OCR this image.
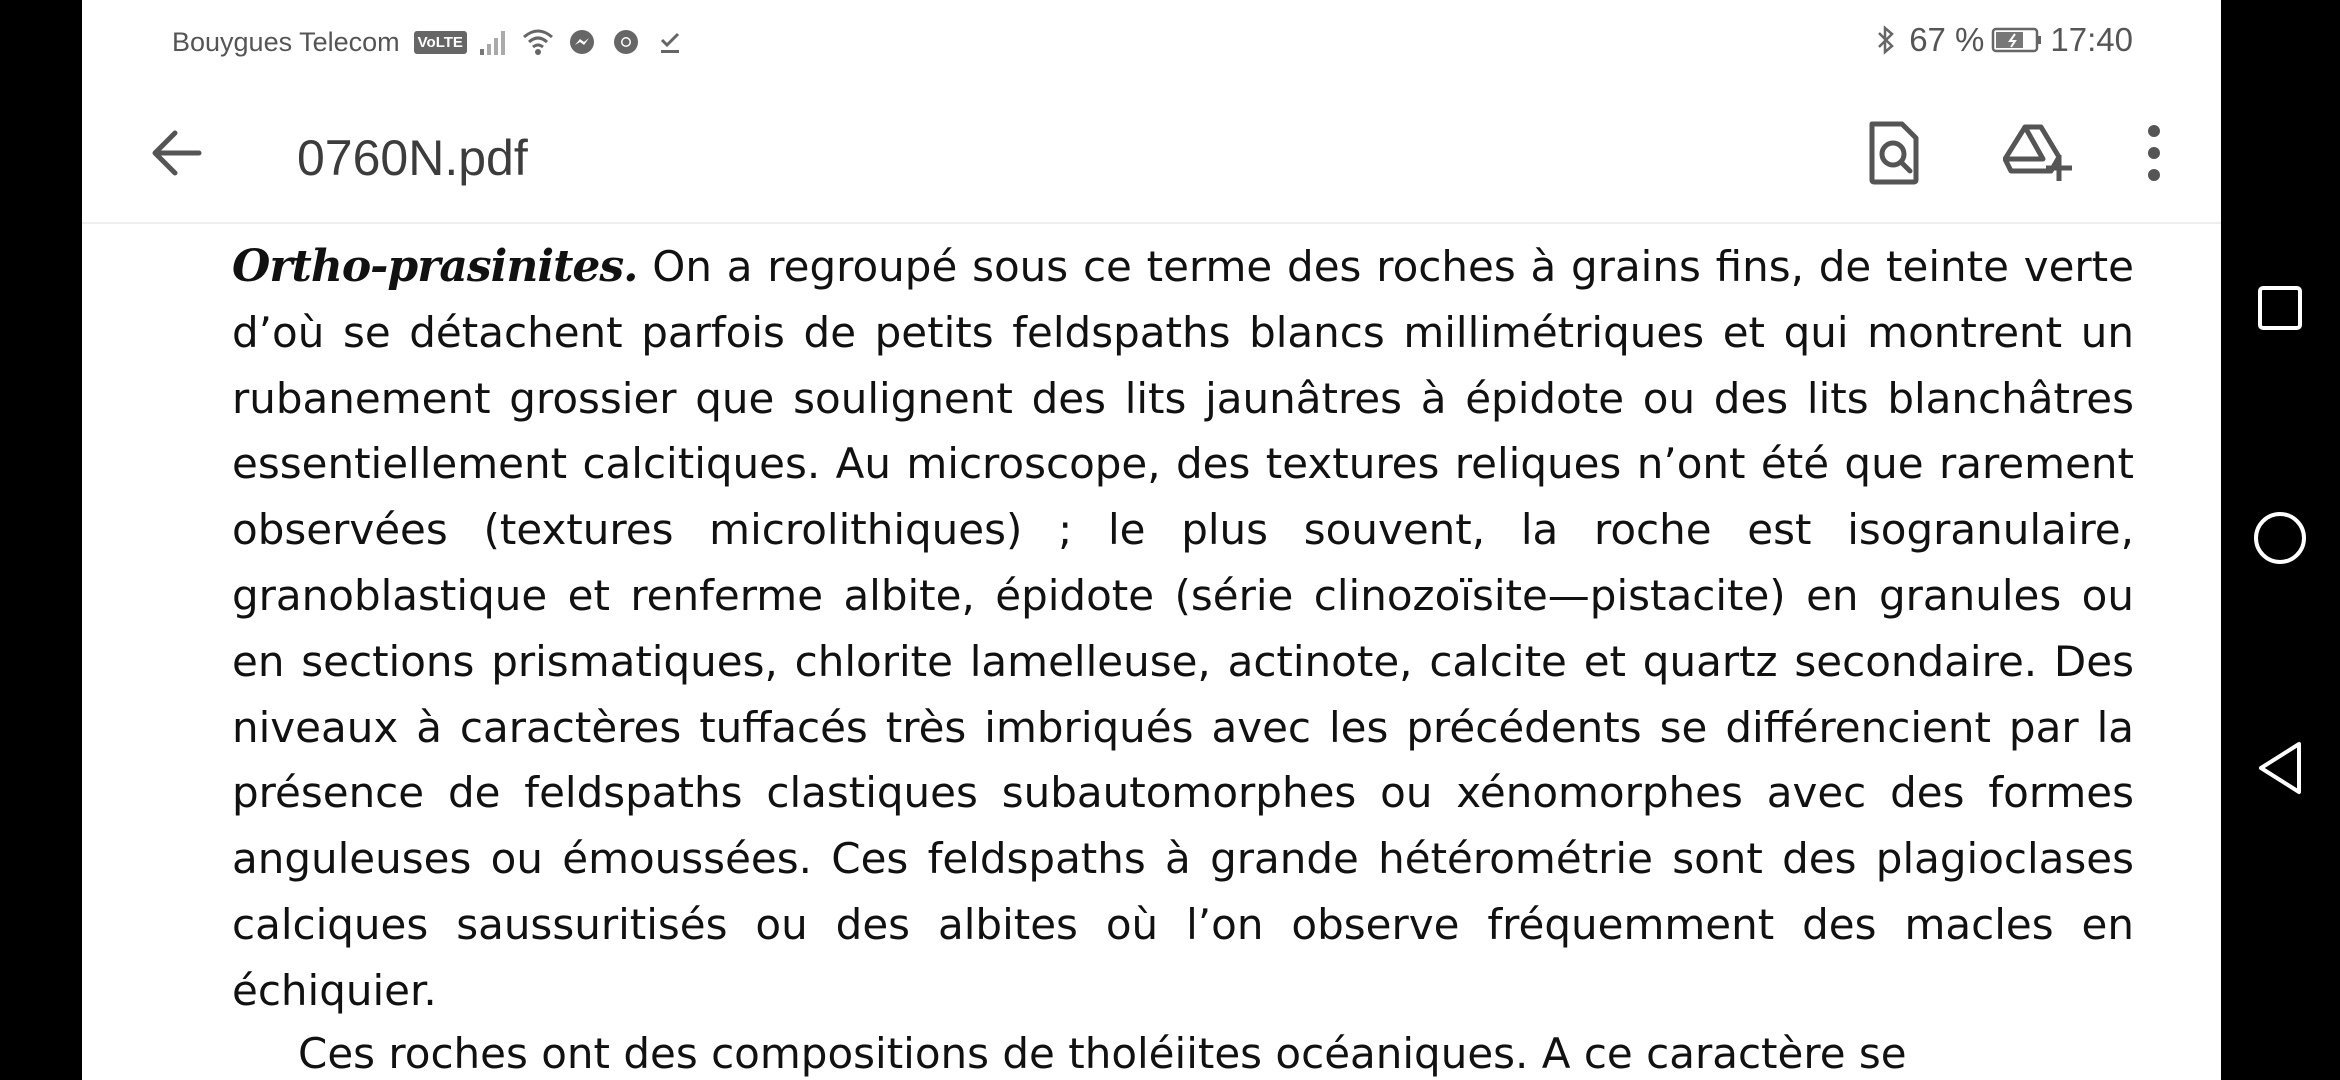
Bouygues Telecom VoLTE	67 % 17:40
0760N.pdf

Ortho-prasinites. On a regroupé sous ce terme des roches à grains fins, de teinte verte d’où se détachent parfois de petits feldspaths blancs millimétriques et qui montrent un rubanement grossier que soulignent des lits jaunâtres à épidote ou des lits blanchâtres essentiellement calcitiques. Au microscope, des textures reliques n’ont été que rarement observées (textures microlithiques) ; le plus souvent, la roche est isogranulaire, granoblastique et renferme albite, épidote (série clinozoïsite—pistacite) en granules ou en sections prismatiques, chlorite lamelleuse, actinote, calcite et quartz secondaire. Des niveaux à caractères tuffacés très imbriqués avec les précédents se différencient par la présence de feldspaths clastiques subautomorphes ou xénomorphes avec des formes anguleuses ou émoussées. Ces feldspaths à grande hétérométrie sont des plagioclases calciques saussuritisés ou des albites où l’on observe fréquemment des macles en échiquier.

Ces roches ont des compositions de tholéiites océaniques. A ce caractère se
